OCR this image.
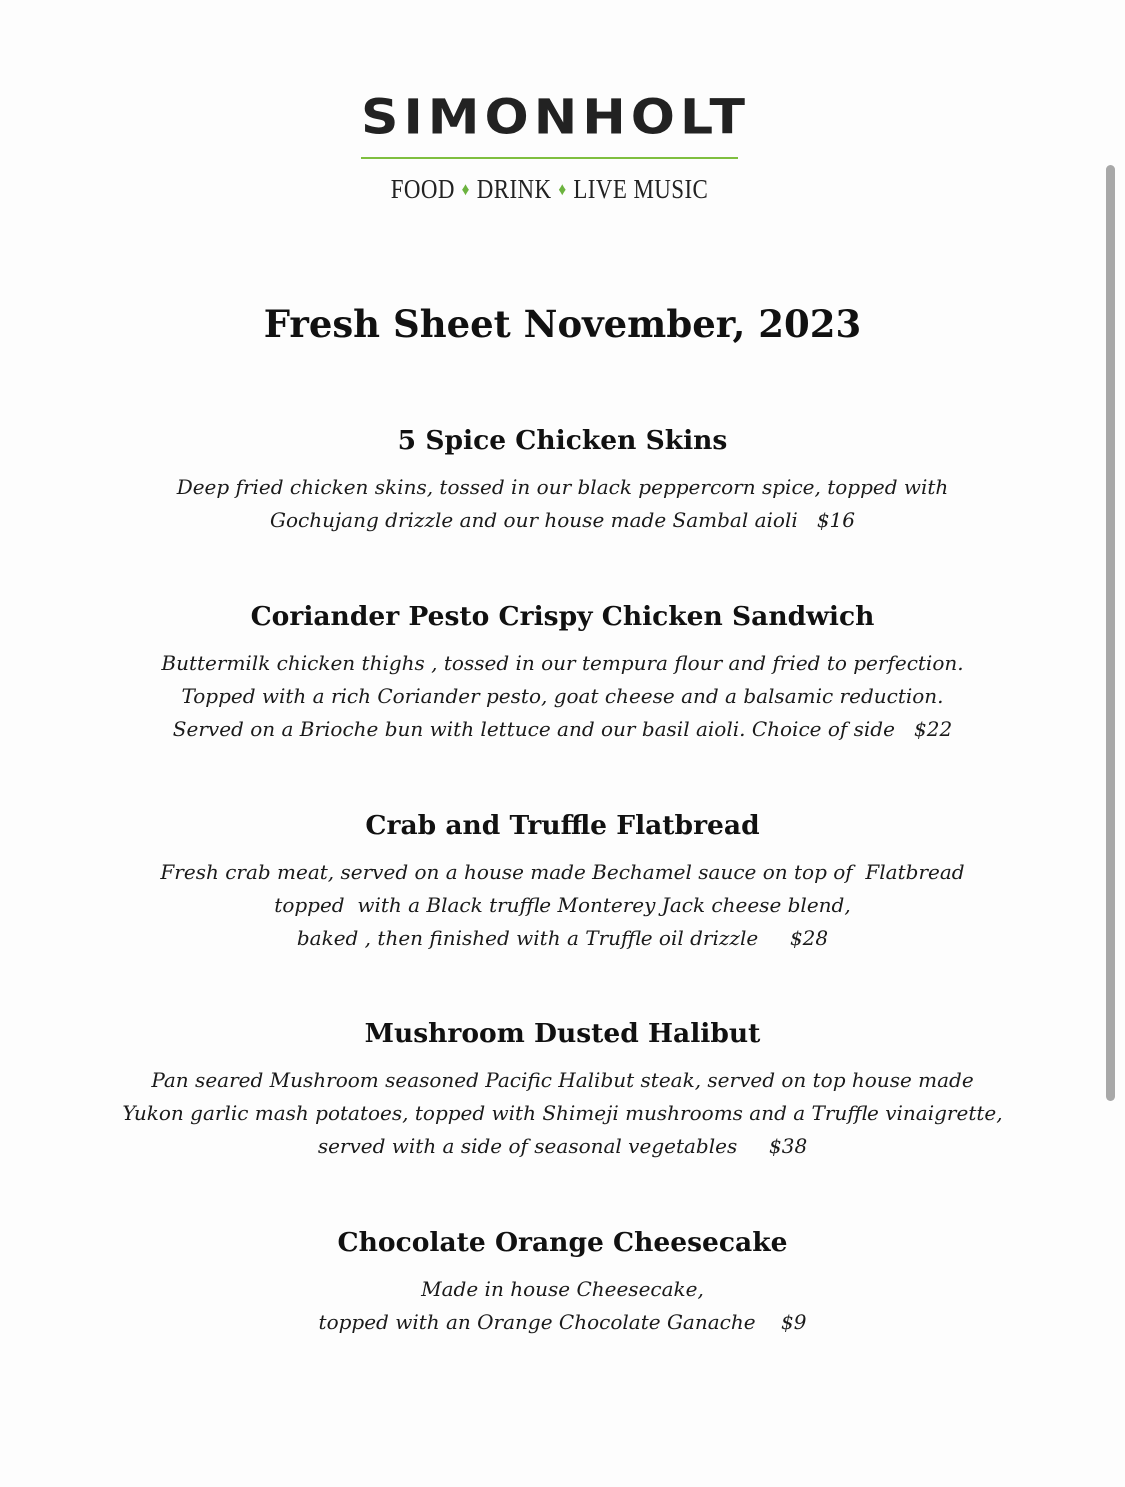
SIMONHOLT
FOOD ♦ DRINK ♦ LIVE MUSIC
Fresh Sheet November, 2023
5 Spice Chicken Skins
Deep fried chicken skins, tossed in our black peppercorn spice, topped with
Gochujang drizzle and our house made Sambal aioli   $16
Coriander Pesto Crispy Chicken Sandwich
Buttermilk chicken thighs , tossed in our tempura flour and fried to perfection.
Topped with a rich Coriander pesto, goat cheese and a balsamic reduction.
Served on a Brioche bun with lettuce and our basil aioli. Choice of side   $22
Crab and Truffle Flatbread
Fresh crab meat, served on a house made Bechamel sauce on top of  Flatbread
topped  with a Black truffle Monterey Jack cheese blend,
baked , then finished with a Truffle oil drizzle     $28
Mushroom Dusted Halibut
Pan seared Mushroom seasoned Pacific Halibut steak, served on top house made
Yukon garlic mash potatoes, topped with Shimeji mushrooms and a Truffle vinaigrette,
served with a side of seasonal vegetables     $38
Chocolate Orange Cheesecake
Made in house Cheesecake,
topped with an Orange Chocolate Ganache    $9
